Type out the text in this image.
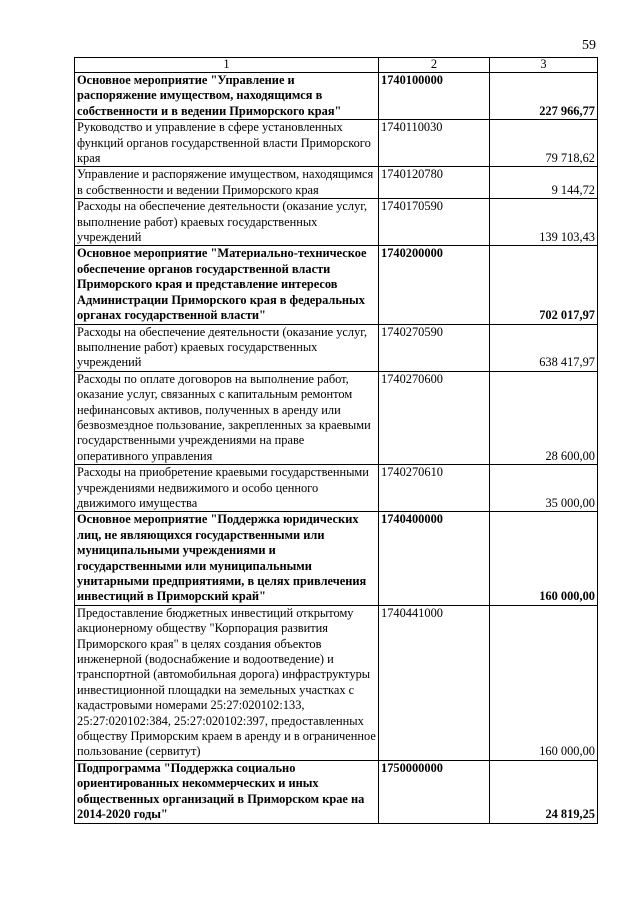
59
1	2	3
Основное мероприятие "Управление и распоряжение имуществом, находящимся в собственности и в ведении Приморского края"	1740100000	227 966,77
Руководство и управление в сфере установленных функций органов государственной власти Приморского края	1740110030	79 718,62
Управление и распоряжение имуществом, находящимся в собственности и ведении Приморского края	1740120780	9 144,72
Расходы на обеспечение деятельности (оказание услуг, выполнение работ) краевых государственных учреждений	1740170590	139 103,43
Основное мероприятие "Материально-техническое обеспечение органов государственной власти Приморского края и представление интересов Администрации Приморского края в федеральных органах государственной власти"	1740200000	702 017,97
Расходы на обеспечение деятельности (оказание услуг, выполнение работ) краевых государственных учреждений	1740270590	638 417,97
Расходы по оплате договоров на выполнение работ, оказание услуг, связанных с капитальным ремонтом нефинансовых активов, полученных в аренду или безвозмездное пользование, закрепленных за краевыми государственными учреждениями на праве оперативного управления	1740270600	28 600,00
Расходы на приобретение краевыми государственными учреждениями недвижимого и особо ценного движимого имущества	1740270610	35 000,00
Основное мероприятие "Поддержка юридических лиц, не являющихся государственными или муниципальными учреждениями и государственными или муниципальными унитарными предприятиями, в целях привлечения инвестиций в Приморский край"	1740400000	160 000,00
Предоставление бюджетных инвестиций открытому акционерному обществу "Корпорация развития Приморского края" в целях создания объектов инженерной (водоснабжение и водоотведение) и транспортной (автомобильная дорога) инфраструктуры инвестиционной площадки на земельных участках с кадастровыми номерами 25:27:020102:133, 25:27:020102:384, 25:27:020102:397, предоставленных обществу Приморским краем в аренду и в ограниченное пользование (сервитут)	1740441000	160 000,00
Подпрограмма "Поддержка социально ориентированных некоммерческих и иных общественных организаций в Приморском крае на 2014-2020 годы"	1750000000	24 819,25
